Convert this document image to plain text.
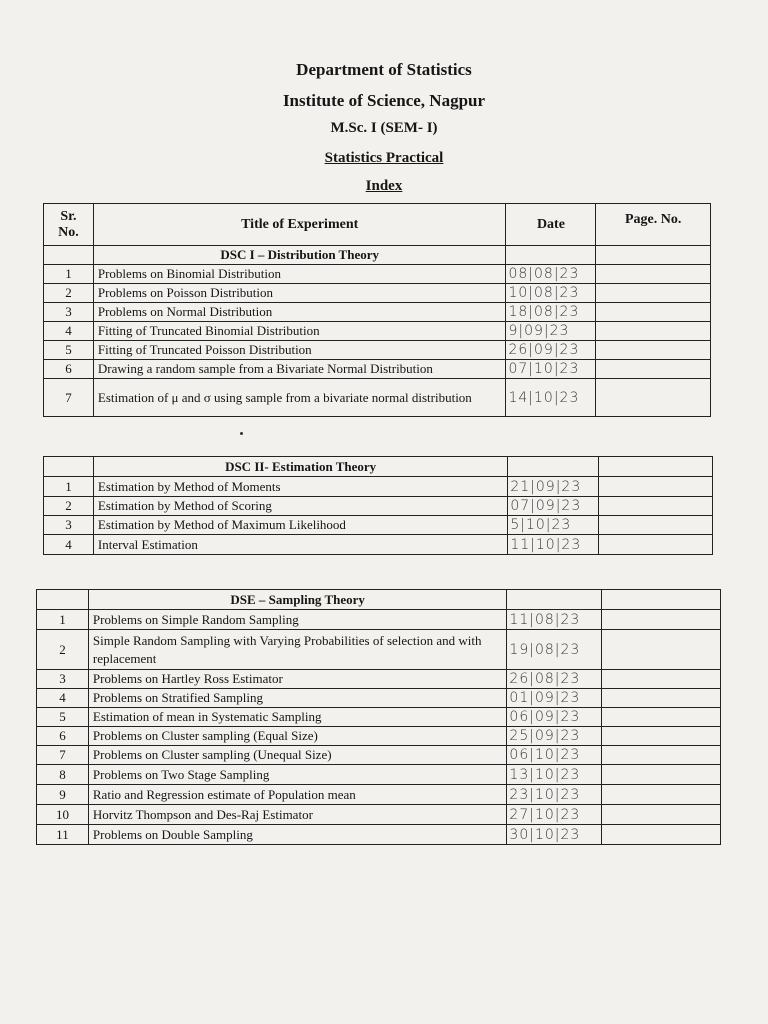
Department of Statistics
Institute of Science, Nagpur
M.Sc. I (SEM- I)
Statistics Practical
Index
Sr.
No.	Title of Experiment	Date	Page. No.
	DSC I – Distribution Theory		
1	Problems on Binomial Distribution	08|08|23	
2	Problems on Poisson Distribution	10|08|23	
3	Problems on Normal Distribution	18|08|23	
4	Fitting of Truncated Binomial Distribution	9|09|23	
5	Fitting of Truncated Poisson Distribution	26|09|23	
6	Drawing a random sample from a Bivariate Normal Distribution	07|10|23	
7	Estimation of μ and σ using sample from a bivariate normal distribution	14|10|23	
	DSC II- Estimation Theory		
1	Estimation by Method of Moments	21|09|23	
2	Estimation by Method of Scoring	07|09|23	
3	Estimation by Method of Maximum Likelihood	5|10|23	
4	Interval Estimation	11|10|23	
	DSE – Sampling Theory		
1	Problems on Simple Random Sampling	11|08|23	
2	Simple Random Sampling with Varying Probabilities of selection and with replacement	19|08|23	
3	Problems on Hartley Ross Estimator	26|08|23	
4	Problems on Stratified Sampling	01|09|23	
5	Estimation of mean in Systematic Sampling	06|09|23	
6	Problems on Cluster sampling (Equal Size)	25|09|23	
7	Problems on Cluster sampling (Unequal Size)	06|10|23	
8	Problems on Two Stage Sampling	13|10|23	
9	Ratio and Regression estimate of Population mean	23|10|23	
10	Horvitz Thompson and Des-Raj Estimator	27|10|23	
11	Problems on Double Sampling	30|10|23	
